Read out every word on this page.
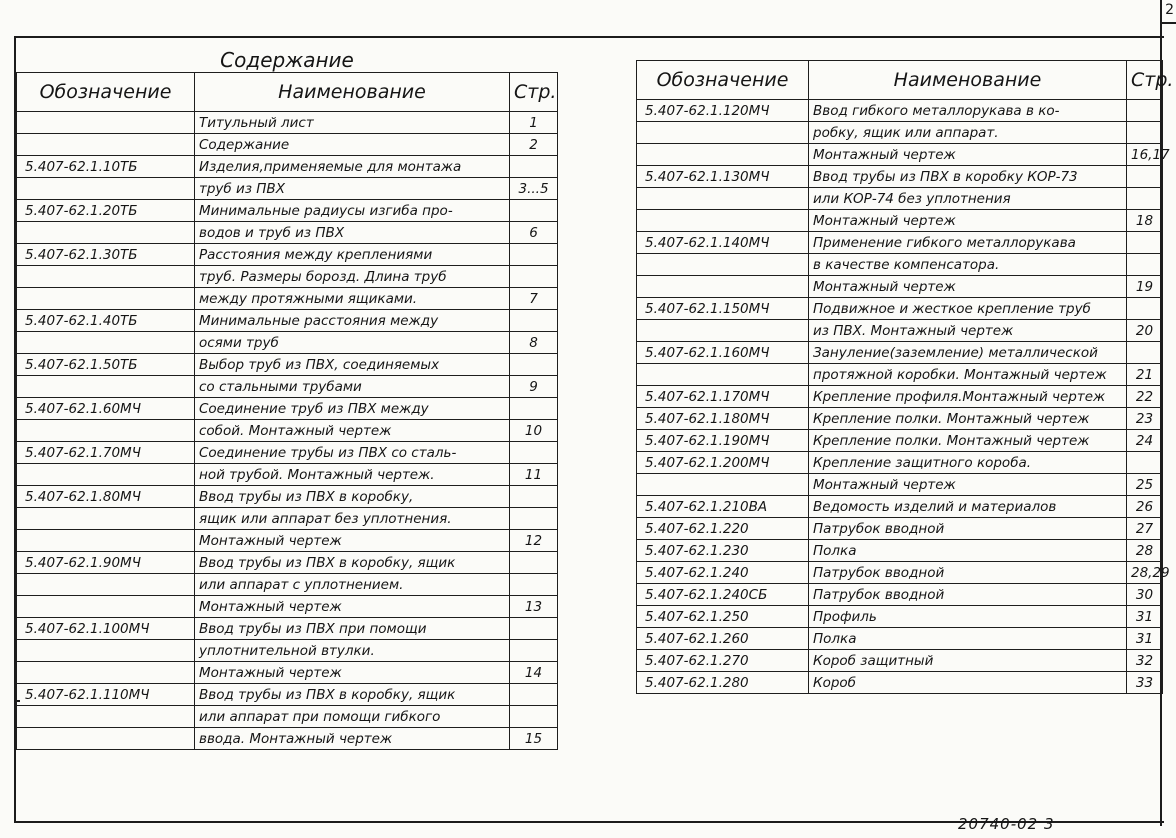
2
Содержание		
Обозначение	Наименование	Стр.
	Титульный лист	1
	Содержание	2
5.407-62.1.10ТБ	Изделия,применяемые для монтажа	
	труб из ПВХ	3...5
5.407-62.1.20ТБ	Минимальные радиусы изгиба про-	
	водов и труб из ПВХ	6
5.407-62.1.30ТБ	Расстояния между креплениями	
	труб. Размеры борозд. Длина труб	
	между протяжными ящиками.	7
5.407-62.1.40ТБ	Минимальные расстояния между	
	осями труб	8
5.407-62.1.50ТБ	Выбор труб из ПВХ, соединяемых	
	со стальными трубами	9
5.407-62.1.60МЧ	Соединение труб из ПВХ между	
	собой. Монтажный чертеж	10
5.407-62.1.70МЧ	Соединение трубы из ПВХ со сталь-	
	ной трубой. Монтажный чертеж.	11
5.407-62.1.80МЧ	Ввод трубы из ПВХ в коробку,	
	ящик или аппарат без уплотнения.	
	Монтажный чертеж	12
5.407-62.1.90МЧ	Ввод трубы из ПВХ в коробку, ящик	
	или аппарат с уплотнением.	
	Монтажный чертеж	13
5.407-62.1.100МЧ	Ввод трубы из ПВХ при помощи	
	уплотнительной втулки.	
	Монтажный чертеж	14
5.407-62.1.110МЧ	Ввод трубы из ПВХ в коробку, ящик	
	или аппарат при помощи гибкого	
	ввода. Монтажный чертеж	15
Обозначение	Наименование	Стр.
5.407-62.1.120МЧ	Ввод гибкого металлорукава в ко-	
	робку, ящик или аппарат.	
	Монтажный чертеж	16,17
5.407-62.1.130МЧ	Ввод трубы из ПВХ в коробку КОР-73	
	или КОР-74 без уплотнения	
	Монтажный чертеж	18
5.407-62.1.140МЧ	Применение гибкого металлорукава	
	в качестве компенсатора.	
	Монтажный чертеж	19
5.407-62.1.150МЧ	Подвижное и жесткое крепление труб	
	из ПВХ. Монтажный чертеж	20
5.407-62.1.160МЧ	Зануление(заземление) металлической	
	протяжной коробки. Монтажный чертеж	21
5.407-62.1.170МЧ	Крепление профиля.Монтажный чертеж	22
5.407-62.1.180МЧ	Крепление полки. Монтажный чертеж	23
5.407-62.1.190МЧ	Крепление полки. Монтажный чертеж	24
5.407-62.1.200МЧ	Крепление защитного короба.	
	Монтажный чертеж	25
5.407-62.1.210ВА	Ведомость изделий и материалов	26
5.407-62.1.220	Патрубок вводной	27
5.407-62.1.230	Полка	28
5.407-62.1.240	Патрубок вводной	28,29
5.407-62.1.240СБ	Патрубок вводной	30
5.407-62.1.250	Профиль	31
5.407-62.1.260	Полка	31
5.407-62.1.270	Короб защитный	32
5.407-62.1.280	Короб	33
20740-02 3
